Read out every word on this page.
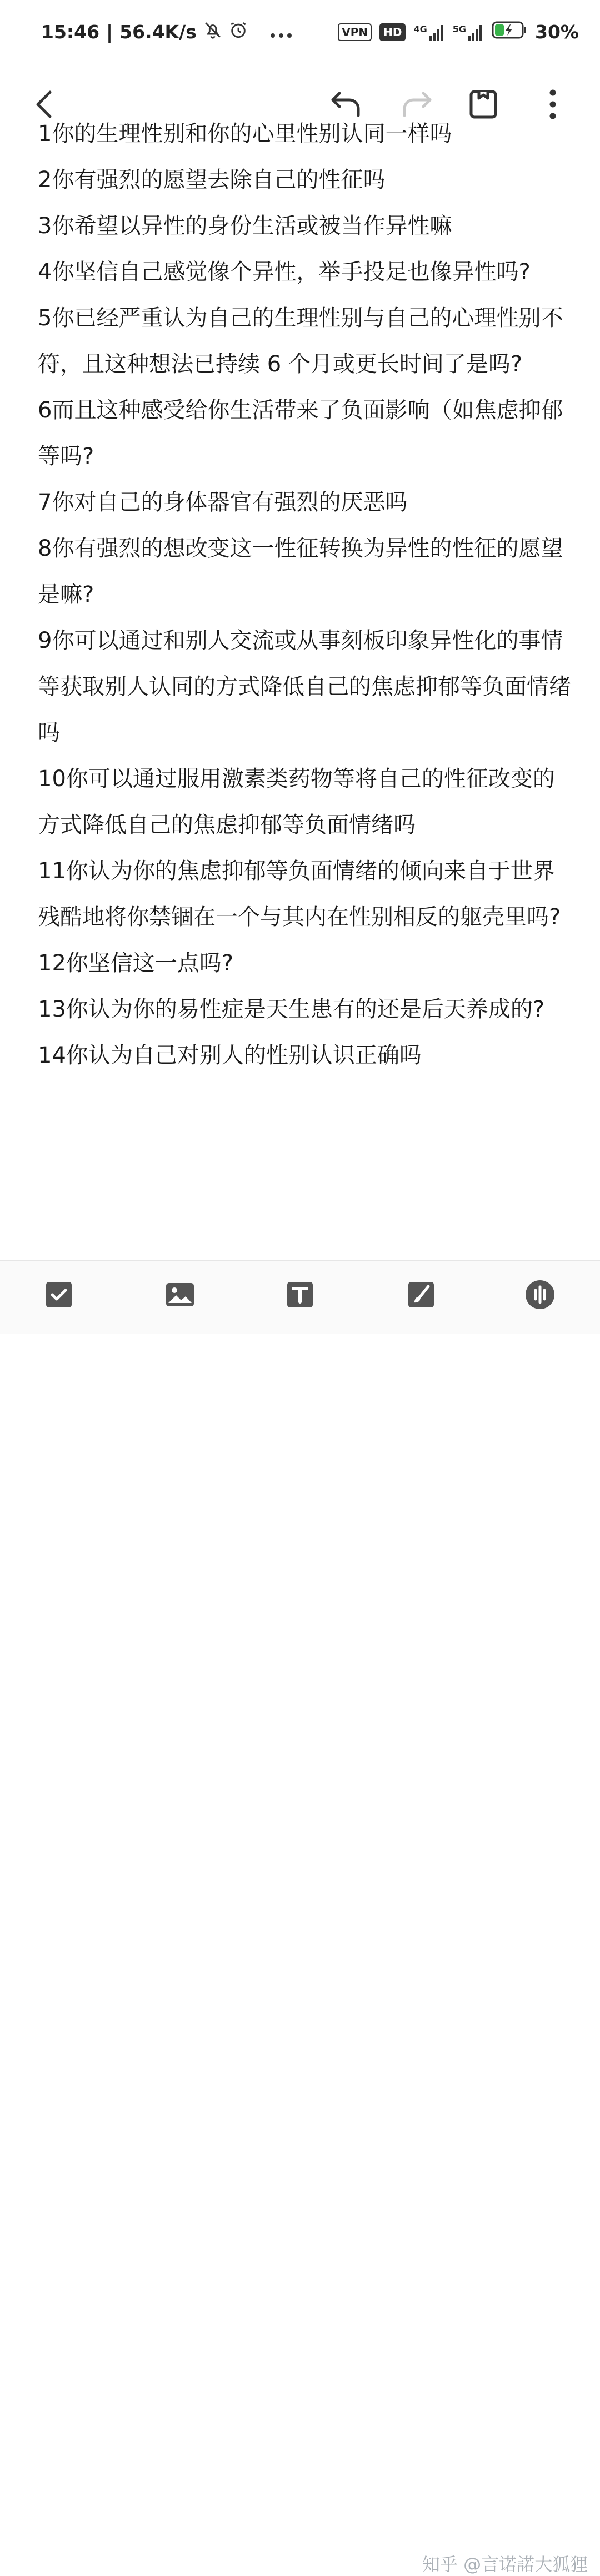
15:46 | 56.4K/s	VPN	HD	4G	5G	30%

1你的生理性别和你的心里性别认同一样吗

2你有强烈的愿望去除自己的性征吗

3你希望以异性的身份生活或被当作异性嘛

4你坚信自己感觉像个异性，举手投足也像异性吗?

5你已经严重认为自己的生理性别与自己的心理性别不符，且这种想法已持续 6 个月或更长时间了是吗?

6而且这种感受给你生活带来了负面影响（如焦虑抑郁等吗?

7你对自己的身体器官有强烈的厌恶吗

8你有强烈的想改变这一性征转换为异性的性征的愿望是嘛?

9你可以通过和别人交流或从事刻板印象异性化的事情等获取别人认同的方式降低自己的焦虑抑郁等负面情绪吗

10你可以通过服用激素类药物等将自己的性征改变的方式降低自己的焦虑抑郁等负面情绪吗

11你认为你的焦虑抑郁等负面情绪的倾向来自于世界残酷地将你禁锢在一个与其内在性别相反的躯壳里吗?

12你坚信这一点吗?

13你认为你的易性症是天生患有的还是后天养成的?

14你认为自己对别人的性别认识正确吗

知乎 @言诺諾大狐狸
